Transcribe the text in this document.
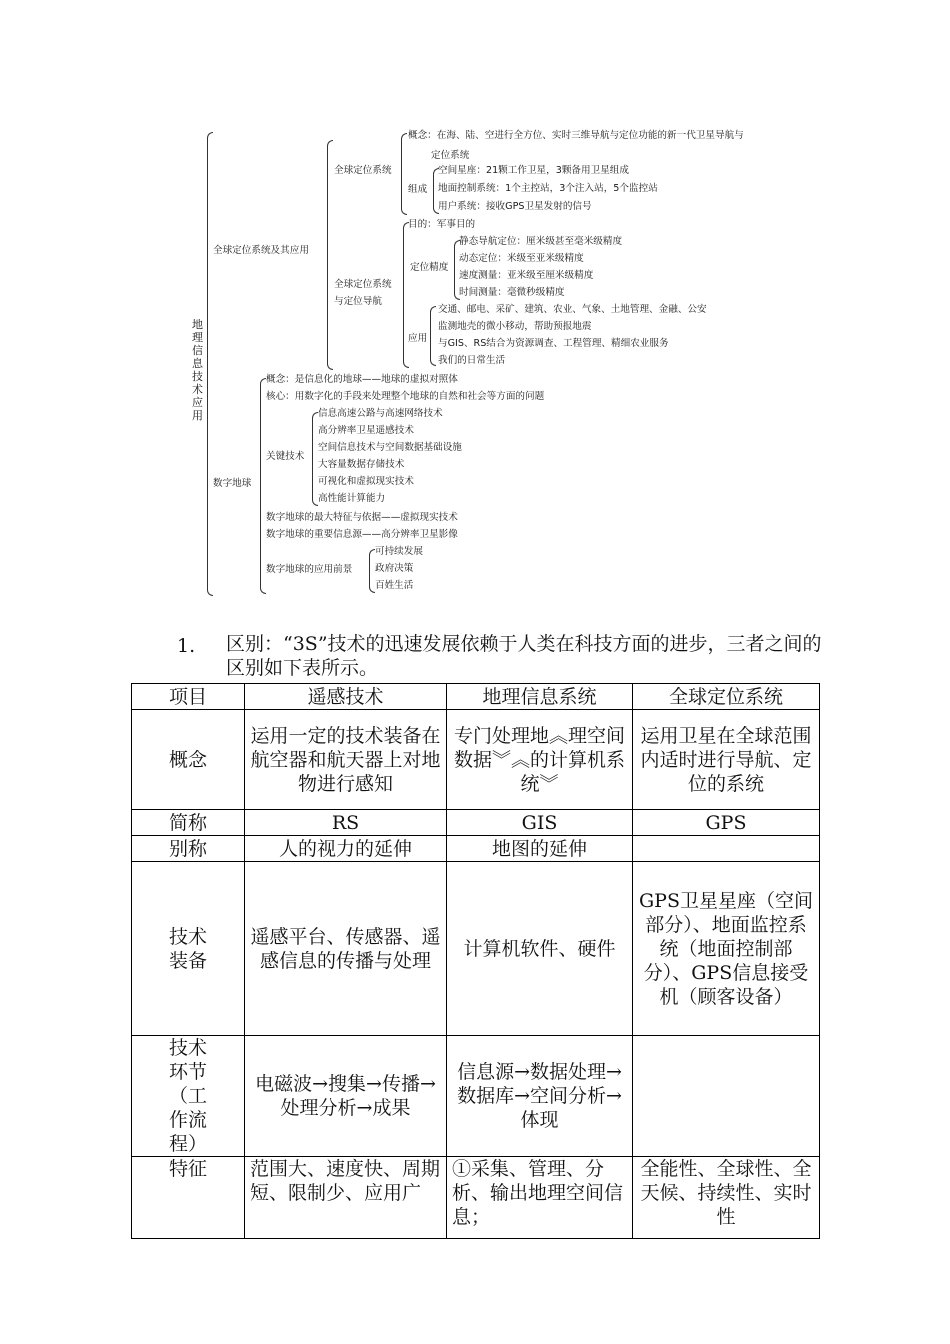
地理信息技术应用
全球定位系统及其应用
全球定位系统
概念：在海、陆、空进行全方位、实时三维导航与定位功能的新一代卫星导航与
定位系统
组成
空间星座：21颗工作卫星，3颗备用卫星组成
地面控制系统：1个主控站，3个注入站，5个监控站
用户系统：接收GPS卫星发射的信号
全球定位系统
与定位导航
目的：军事目的
定位精度
静态导航定位：厘米级甚至毫米级精度
动态定位：米级至亚米级精度
速度测量：亚米级至厘米级精度
时间测量：毫微秒级精度
应用
交通、邮电、采矿、建筑、农业、气象、土地管理、金融、公安
监测地壳的微小移动，帮助预报地震
与GIS、RS结合为资源调查、工程管理、精细农业服务
我们的日常生活
数字地球
概念：是信息化的地球——地球的虚拟对照体
核心：用数字化的手段来处理整个地球的自然和社会等方面的问题
关键技术
信息高速公路与高速网络技术
高分辨率卫星遥感技术
空间信息技术与空间数据基础设施
大容量数据存储技术
可视化和虚拟现实技术
高性能计算能力
数字地球的最大特征与依据——虚拟现实技术
数字地球的重要信息源——高分辨率卫星影像
数字地球的应用前景
可持续发展
政府决策
百姓生活
1. 区别：“3S”技术的迅速发展依赖于人类在科技方面的进步，三者之间的区别如下表所示。
项目	遥感技术	地理信息系统	全球定位系统
概念	运用一定的技术装备在航空器和航天器上对地物进行感知	专门处理地︽理空间数据︾︽的计算机系统︾	运用卫星在全球范围内适时进行导航、定位的系统
简称	RS	GIS	GPS
别称	人的视力的延伸	地图的延伸	
技术装备	遥感平台、传感器、遥感信息的传播与处理	计算机软件、硬件	GPS卫星星座（空间部分）、地面监控系统（地面控制部分）、GPS信息接受机（顾客设备）
技术环节（工作流程）	电磁波→搜集→传播→处理分析→成果	信息源→数据处理→数据库→空间分析→体现	
特征	范围大、速度快、周期短、限制少、应用广	①采集、管理、分析、输出地理空间信息；	全能性、全球性、全天候、持续性、实时性
